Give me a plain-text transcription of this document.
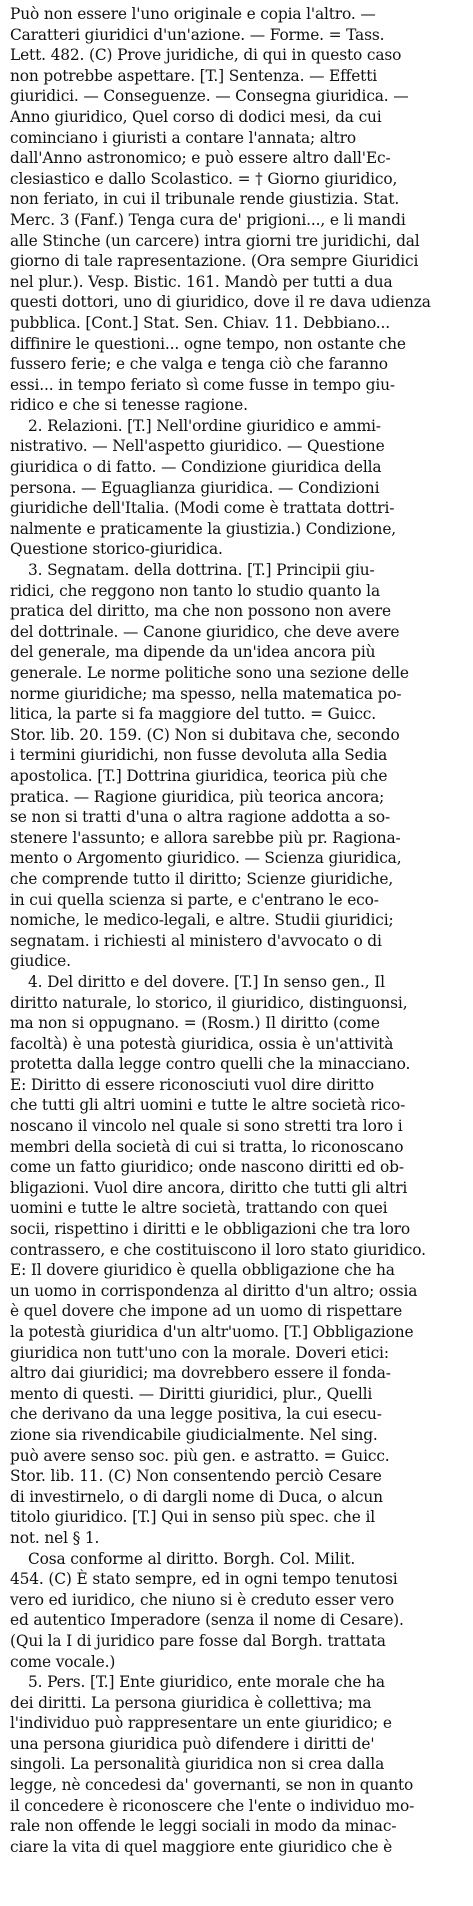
Può non essere l'uno originale e copia l'altro. —
Caratteri giuridici d'un'azione. — Forme. = Tass.
Lett. 482. (C) Prove juridiche, di qui in questo caso
non potrebbe aspettare. [T.] Sentenza. — Effetti
giuridici. — Conseguenze. — Consegna giuridica. —
Anno giuridico, Quel corso di dodici mesi, da cui
cominciano i giuristi a contare l'annata; altro
dall'Anno astronomico; e può essere altro dall'Ec-
clesiastico e dallo Scolastico. = † Giorno giuridico,
non feriato, in cui il tribunale rende giustizia. Stat.
Merc. 3 (Fanf.) Tenga cura de' prigioni..., e li mandi
alle Stinche (un carcere) intra giorni tre juridichi, dal
giorno di tale rapresentazione. (Ora sempre Giuridici
nel plur.). Vesp. Bistic. 161. Mandò per tutti a dua
questi dottori, uno di giuridico, dove il re dava udienza
pubblica. [Cont.] Stat. Sen. Chiav. 11. Debbiano...
diffinire le questioni... ogne tempo, non ostante che
fussero ferie; e che valga e tenga ciò che faranno
essi... in tempo feriato sì come fusse in tempo giu-
ridico e che si tenesse ragione.
2. Relazioni. [T.] Nell'ordine giuridico e ammi-
nistrativo. — Nell'aspetto giuridico. — Questione
giuridica o di fatto. — Condizione giuridica della
persona. — Eguaglianza giuridica. — Condizioni
giuridiche dell'Italia. (Modi come è trattata dottri-
nalmente e praticamente la giustizia.) Condizione,
Questione storico-giuridica.
3. Segnatam. della dottrina. [T.] Principii giu-
ridici, che reggono non tanto lo studio quanto la
pratica del diritto, ma che non possono non avere
del dottrinale. — Canone giuridico, che deve avere
del generale, ma dipende da un'idea ancora più
generale. Le norme politiche sono una sezione delle
norme giuridiche; ma spesso, nella matematica po-
litica, la parte si fa maggiore del tutto. = Guicc.
Stor. lib. 20. 159. (C) Non si dubitava che, secondo
i termini giuridichi, non fusse devoluta alla Sedia
apostolica. [T.] Dottrina giuridica, teorica più che
pratica. — Ragione giuridica, più teorica ancora;
se non si tratti d'una o altra ragione addotta a so-
stenere l'assunto; e allora sarebbe più pr. Ragiona-
mento o Argomento giuridico. — Scienza giuridica,
che comprende tutto il diritto; Scienze giuridiche,
in cui quella scienza si parte, e c'entrano le eco-
nomiche, le medico-legali, e altre. Studii giuridici;
segnatam. i richiesti al ministero d'avvocato o di
giudice.
4. Del diritto e del dovere. [T.] In senso gen., Il
diritto naturale, lo storico, il giuridico, distinguonsi,
ma non si oppugnano. = (Rosm.) Il diritto (come
facoltà) è una potestà giuridica, ossia è un'attività
protetta dalla legge contro quelli che la minacciano.
E: Diritto di essere riconosciuti vuol dire diritto
che tutti gli altri uomini e tutte le altre società rico-
noscano il vincolo nel quale si sono stretti tra loro i
membri della società di cui si tratta, lo riconoscano
come un fatto giuridico; onde nascono diritti ed ob-
bligazioni. Vuol dire ancora, diritto che tutti gli altri
uomini e tutte le altre società, trattando con quei
socii, rispettino i diritti e le obbligazioni che tra loro
contrassero, e che costituiscono il loro stato giuridico.
E: Il dovere giuridico è quella obbligazione che ha
un uomo in corrispondenza al diritto d'un altro; ossia
è quel dovere che impone ad un uomo di rispettare
la potestà giuridica d'un altr'uomo. [T.] Obbligazione
giuridica non tutt'uno con la morale. Doveri etici:
altro dai giuridici; ma dovrebbero essere il fonda-
mento di questi. — Diritti giuridici, plur., Quelli
che derivano da una legge positiva, la cui esecu-
zione sia rivendicabile giudicialmente. Nel sing.
può avere senso soc. più gen. e astratto. = Guicc.
Stor. lib. 11. (C) Non consentendo perciò Cesare
di investirnelo, o di dargli nome di Duca, o alcun
titolo giuridico. [T.] Qui in senso più spec. che il
not. nel § 1.
Cosa conforme al diritto. Borgh. Col. Milit.
454. (C) È stato sempre, ed in ogni tempo tenutosi
vero ed iuridico, che niuno si è creduto esser vero
ed autentico Imperadore (senza il nome di Cesare).
(Qui la I di juridico pare fosse dal Borgh. trattata
come vocale.)
5. Pers. [T.] Ente giuridico, ente morale che ha
dei diritti. La persona giuridica è collettiva; ma
l'individuo può rappresentare un ente giuridico; e
una persona giuridica può difendere i diritti de'
singoli. La personalità giuridica non si crea dalla
legge, nè concedesi da' governanti, se non in quanto
il concedere è riconoscere che l'ente o individuo mo-
rale non offende le leggi sociali in modo da minac-
ciare la vita di quel maggiore ente giuridico che è
